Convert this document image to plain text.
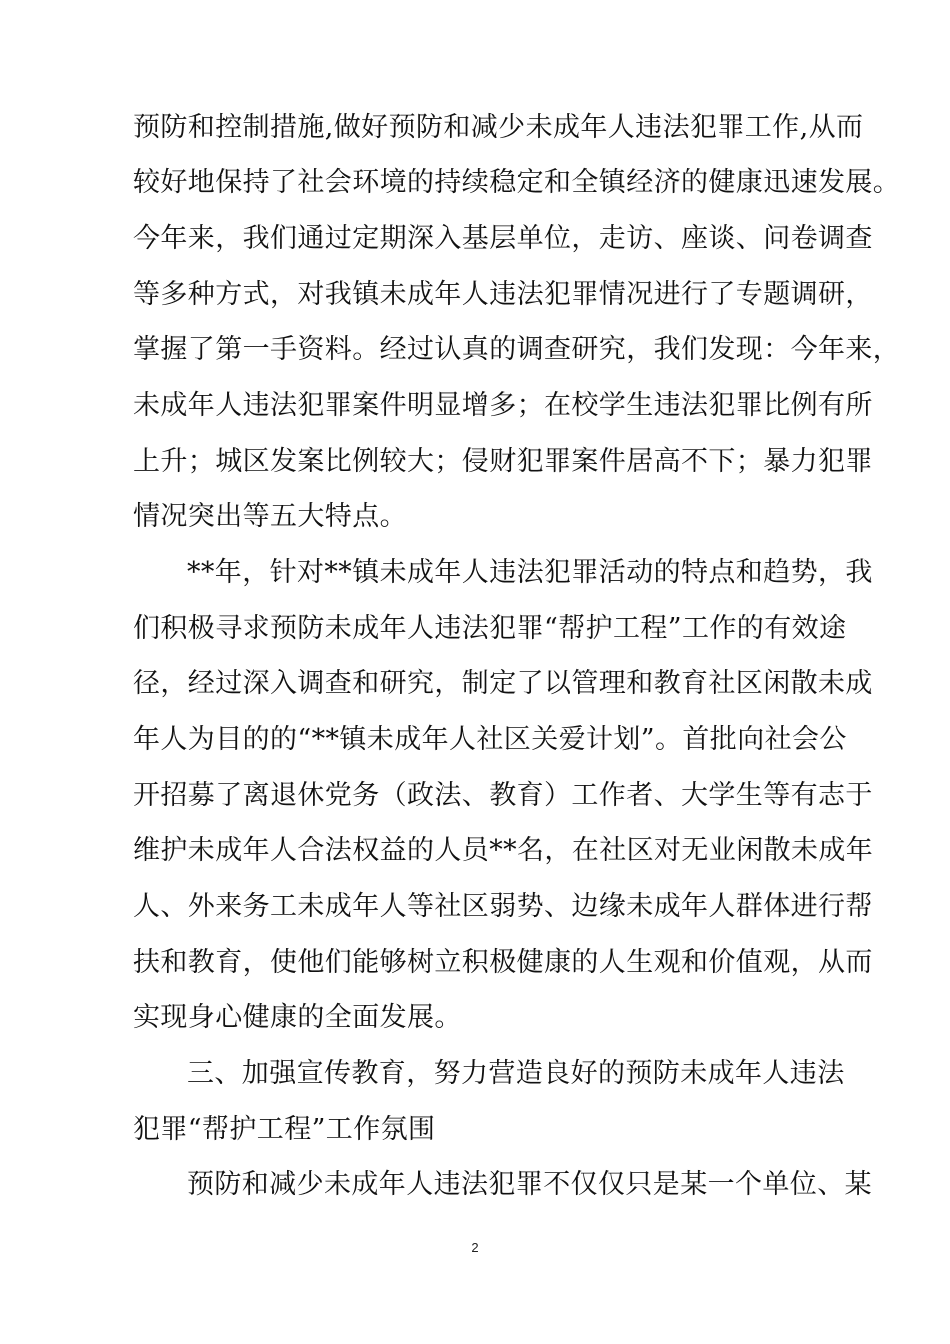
预防和控制措施,做好预防和减少未成年人违法犯罪工作,从而
较好地保持了社会环境的持续稳定和全镇经济的健康迅速发展。
今年来，我们通过定期深入基层单位，走访、座谈、问卷调查
等多种方式，对我镇未成年人违法犯罪情况进行了专题调研，
掌握了第一手资料。经过认真的调查研究，我们发现：今年来，
未成年人违法犯罪案件明显增多；在校学生违法犯罪比例有所
上升；城区发案比例较大；侵财犯罪案件居高不下；暴力犯罪
情况突出等五大特点。
**年，针对**镇未成年人违法犯罪活动的特点和趋势，我
们积极寻求预防未成年人违法犯罪“帮护工程”工作的有效途
径，经过深入调查和研究，制定了以管理和教育社区闲散未成
年人为目的的“**镇未成年人社区关爱计划”。首批向社会公
开招募了离退休党务（政法、教育）工作者、大学生等有志于
维护未成年人合法权益的人员**名，在社区对无业闲散未成年
人、外来务工未成年人等社区弱势、边缘未成年人群体进行帮
扶和教育，使他们能够树立积极健康的人生观和价值观，从而
实现身心健康的全面发展。
三、加强宣传教育，努力营造良好的预防未成年人违法
犯罪“帮护工程”工作氛围
预防和减少未成年人违法犯罪不仅仅只是某一个单位、某
2
